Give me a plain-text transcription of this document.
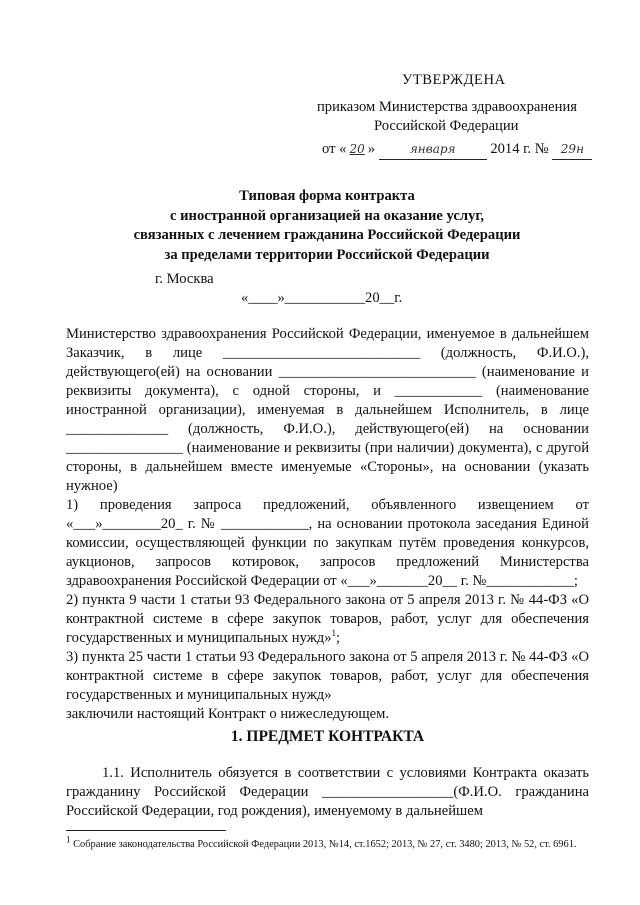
УТВЕРЖДЕНА
приказом Министерства здравоохранения
Российской Федерации
от « 20 »	января 2014 г. № 29н
Типовая форма контракта
с иностранной организацией на оказание услуг,
связанных с лечением гражданина Российской Федерации
за пределами территории Российской Федерации
г. Москва
«____»___________20__г.

Министерство здравоохранения Российской Федерации, именуемое в дальнейшем Заказчик, в лице ___________________________ (должность, Ф.И.О.), действующего(ей) на основании ___________________________ (наименование и реквизиты документа), с одной стороны, и ____________ (наименование иностранной организации), именуемая в дальнейшем Исполнитель, в лице ______________ (должность, Ф.И.О.), действующего(ей) на основании ________________ (наименование и реквизиты (при наличии) документа), с другой стороны, в дальнейшем вместе именуемые «Стороны», на основании (указать нужное)

1) проведения запроса предложений, объявленного извещением от «___»________20_ г. № ____________, на основании протокола заседания Единой комиссии, осуществляющей функции по закупкам путём проведения конкурсов, аукционов, запросов котировок, запросов предложений Министерства здравоохранения Российской Федерации от «___»_______20__ г. №____________;

2) пункта 9 части 1 статьи 93 Федерального закона от 5 апреля 2013 г. № 44-ФЗ «О контрактной системе в сфере закупок товаров, работ, услуг для обеспечения государственных и муниципальных нужд»$^1$;

3) пункта 25 части 1 статьи 93 Федерального закона от 5 апреля 2013 г. № 44-ФЗ «О контрактной системе в сфере закупок товаров, работ, услуг для обеспечения государственных и муниципальных нужд»

заключили настоящий Контракт о нижеследующем.

1. ПРЕДМЕТ КОНТРАКТА
1.1. Исполнитель обязуется в соответствии с условиями Контракта оказать гражданину Российской Федерации __________________(Ф.И.О. гражданина Российской Федерации, год рождения), именуемому в дальнейшем
$^1$ Собрание законодательства Российской Федерации 2013, №14, ст.1652; 2013, № 27, ст. 3480; 2013, № 52, ст. 6961.
